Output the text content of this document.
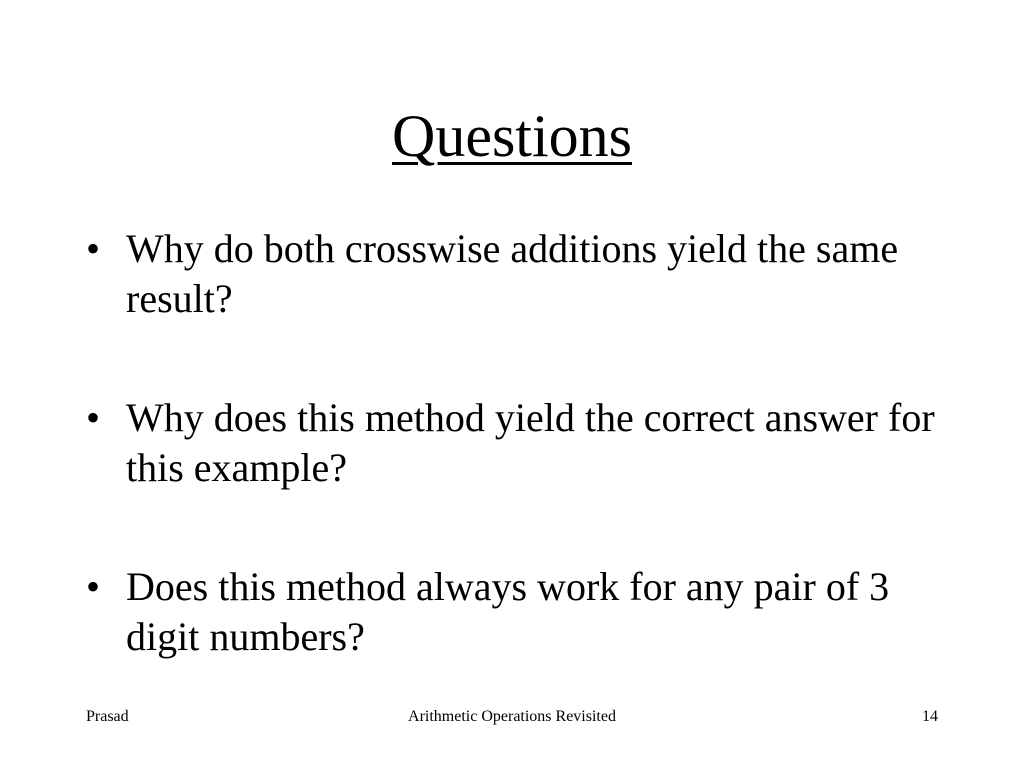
Questions
• Why do both crosswise additions yield the same result?
• Why does this method yield the correct answer for this example?
• Does this method always work for any pair of 3 digit numbers?
Prasad	Arithmetic Operations Revisited	14
